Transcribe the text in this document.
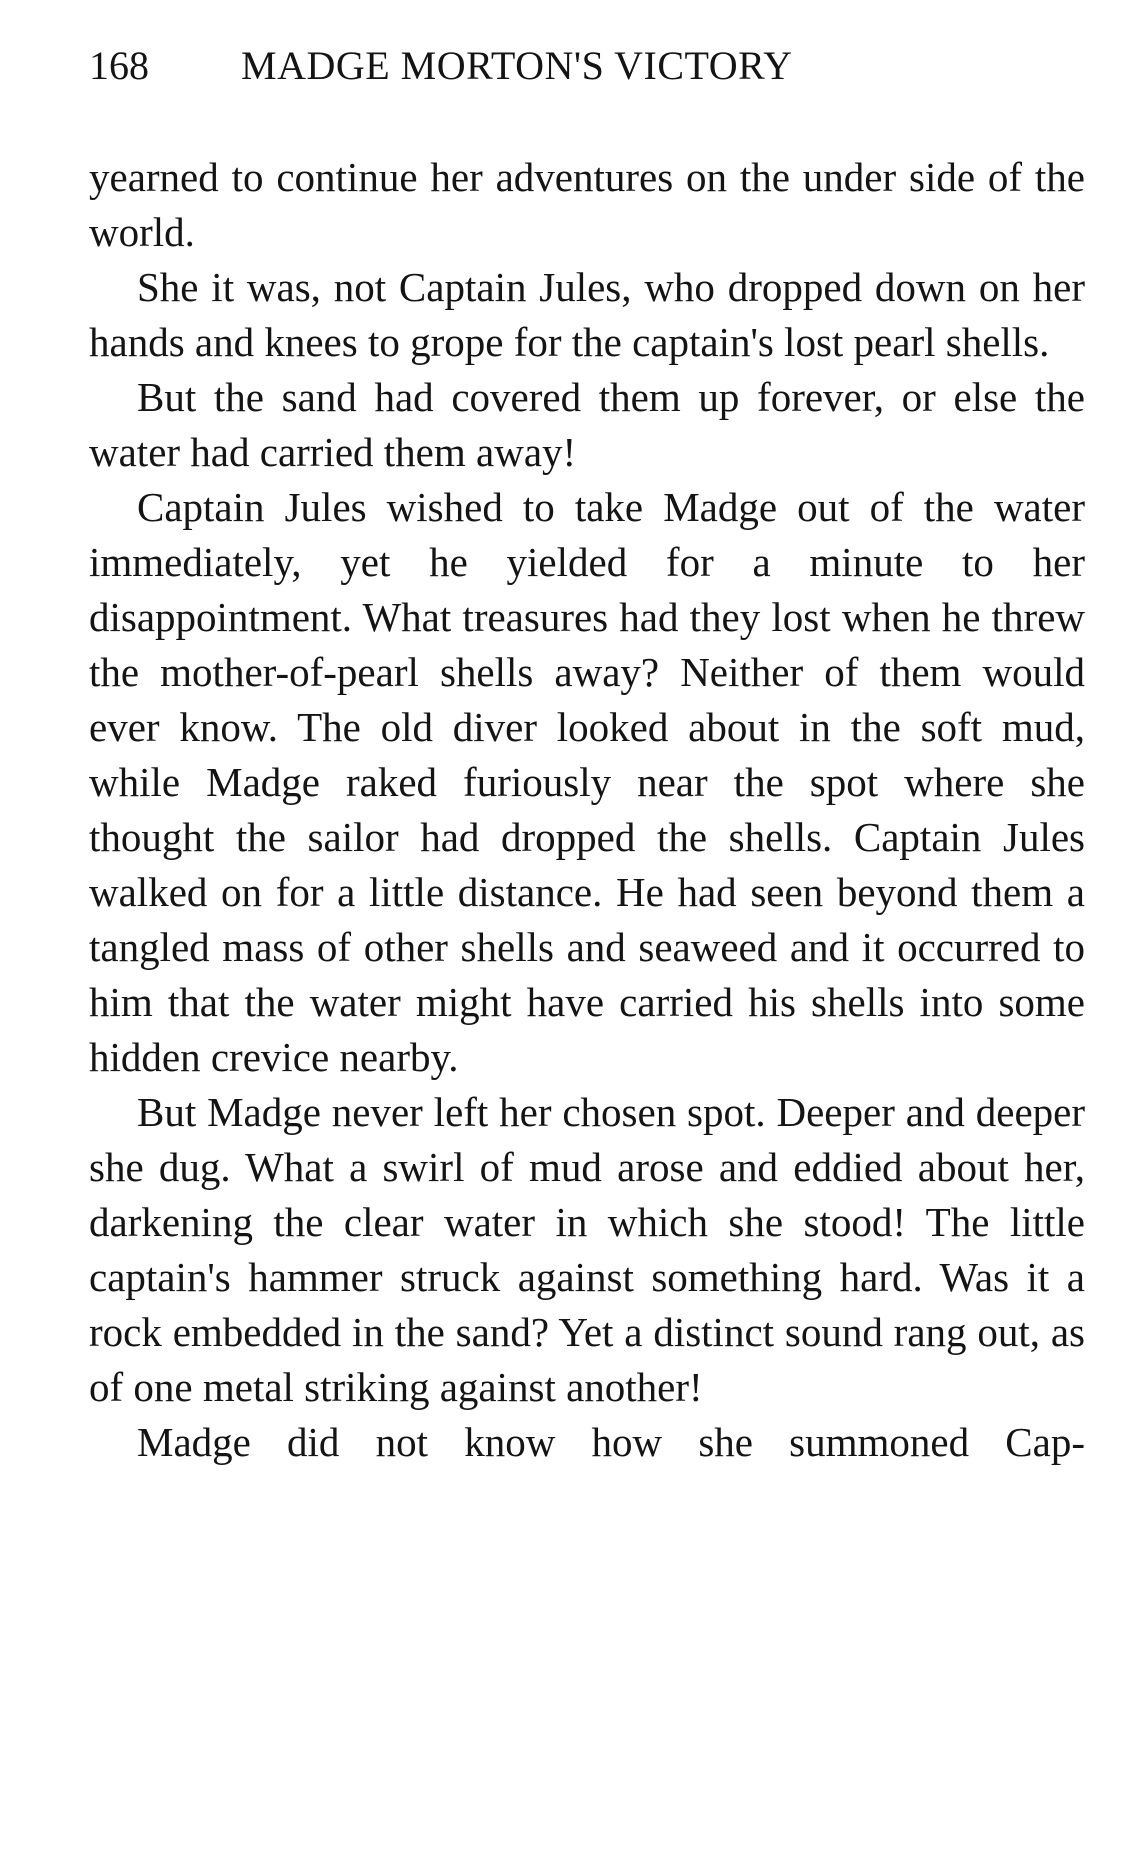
168 MADGE MORTON'S VICTORY

yearned to continue her adventures on the under side of the world.

She it was, not Captain Jules, who dropped down on her hands and knees to grope for the captain's lost pearl shells.

But the sand had covered them up forever, or else the water had carried them away!

Captain Jules wished to take Madge out of the water immediately, yet he yielded for a minute to her disappointment. What treasures had they lost when he threw the mother-of-pearl shells away? Neither of them would ever know. The old diver looked about in the soft mud, while Madge raked furiously near the spot where she thought the sailor had dropped the shells. Captain Jules walked on for a little distance. He had seen beyond them a tangled mass of other shells and seaweed and it occurred to him that the water might have carried his shells into some hidden crevice nearby.

But Madge never left her chosen spot. Deeper and deeper she dug. What a swirl of mud arose and eddied about her, darkening the clear water in which she stood! The little captain's hammer struck against something hard. Was it a rock embedded in the sand? Yet a distinct sound rang out, as of one metal striking against another!

Madge did not know how she summoned Cap-
